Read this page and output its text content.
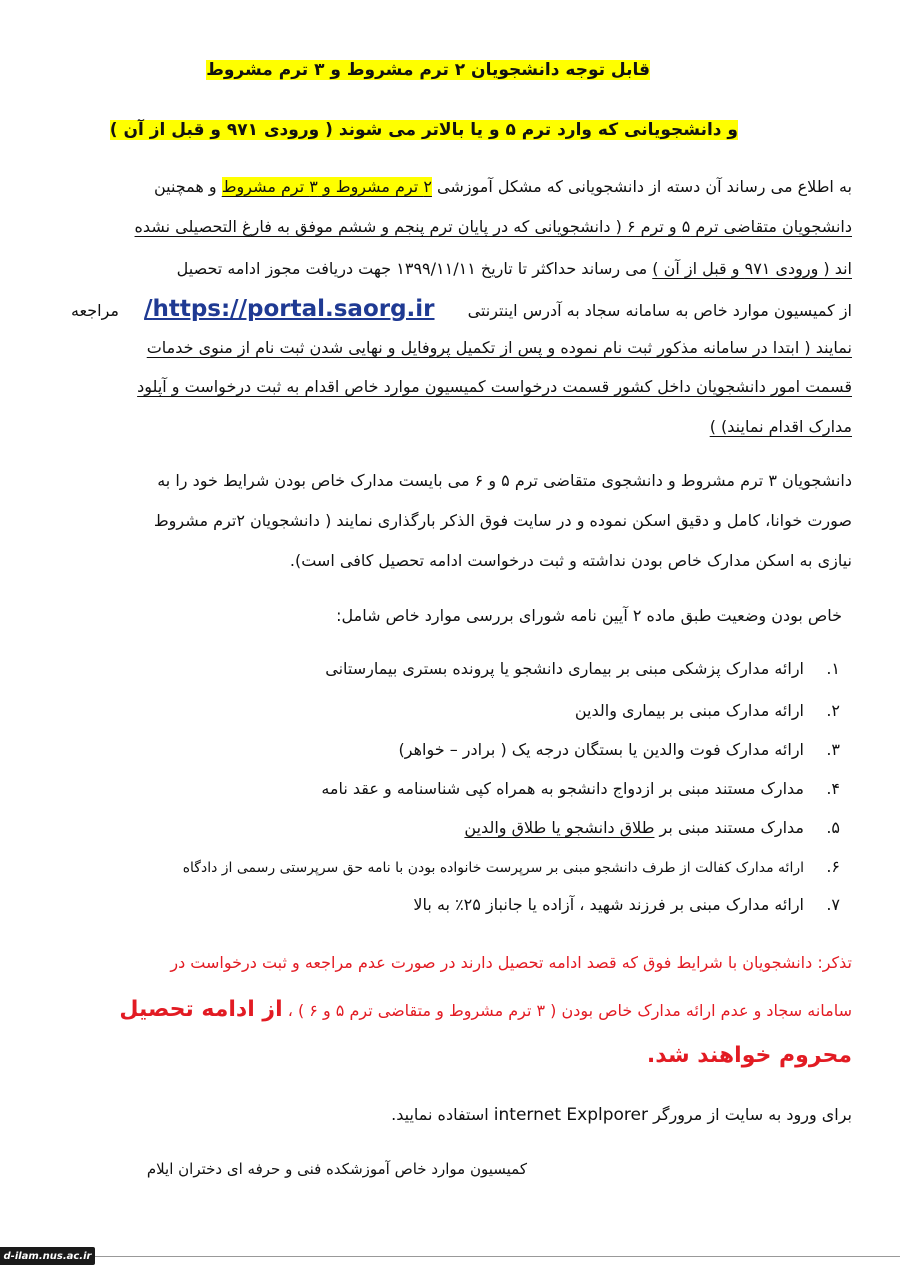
قابل توجه دانشجویان ۲ ترم مشروط و ۳ ترم مشروط
و دانشجویانی که وارد ترم ۵ و یا بالاتر می شوند ( ورودی ۹۷۱ و قبل از آن )
به اطلاع می رساند آن دسته از دانشجویانی که مشکل آموزشی ۲ ترم مشروط و ۳ ترم مشروط و همچنین
دانشجویان متقاضی ترم ۵ و ترم ۶ ( دانشجویانی که در پایان ترم پنجم و ششم موفق به فارغ التحصیلی نشده
اند ( ورودی ۹۷۱ و قبل از آن ) می رساند حداکثر تا تاریخ ۱۳۹۹/۱۱/۱۱ جهت دریافت مجوز ادامه تحصیل
از کمیسیون موارد خاص به سامانه سجاد به آدرس اینترنتی https://portal.saorg.ir/ مراجعه
نمایند ( ابتدا در سامانه مذکور ثبت نام نموده و پس از تکمیل پروفایل و نهایی شدن ثبت نام از منوی خدمات
قسمت امور دانشجویان داخل کشور قسمت درخواست کمیسیون موارد خاص اقدام به ثبت درخواست و آپلود
مدارک اقدام نمایند) )
دانشجویان ۳ ترم مشروط و دانشجوی متقاضی ترم ۵ و ۶ می بایست مدارک خاص بودن شرایط خود را به
صورت خوانا، کامل و دقیق اسکن نموده و در سایت فوق الذکر بارگذاری نمایند ( دانشجویان ۲ترم مشروط
نیازی به اسکن مدارک خاص بودن نداشته و ثبت درخواست ادامه تحصیل کافی است).
خاص بودن وضعیت طبق ماده ۲ آیین نامه شورای بررسی موارد خاص شامل:
۱.ارائه مدارک پزشکی مبنی بر بیماری دانشجو یا پرونده بستری بیمارستانی
۲.ارائه مدارک مبنی بر بیماری والدین
۳.ارائه مدارک فوت والدین یا بستگان درجه یک ( برادر – خواهر)
۴.مدارک مستند مبنی بر ازدواج دانشجو به همراه کپی شناسنامه و عقد نامه
۵.مدارک مستند مبنی بر طلاق دانشجو یا طلاق والدین
۶.ارائه مدارک کفالت از طرف دانشجو مبنی بر سرپرست خانواده بودن با نامه حق سرپرستی رسمی از دادگاه
۷.ارائه مدارک مبنی بر فرزند شهید ، آزاده یا جانباز ۲۵٪ به بالا
تذکر: دانشجویان با شرایط فوق که قصد ادامه تحصیل دارند در صورت عدم مراجعه و ثبت درخواست در
سامانه سجاد و عدم ارائه مدارک خاص بودن ( ۳ ترم مشروط و متقاضی ترم ۵ و ۶ ) ، از ادامه تحصیل
محروم خواهند شد.
برای ورود به سایت از مرورگر internet Explporer استفاده نمایید.
کمیسیون موارد خاص آموزشکده فنی و حرفه ای دختران ایلام
d-ilam.nus.ac.ir
